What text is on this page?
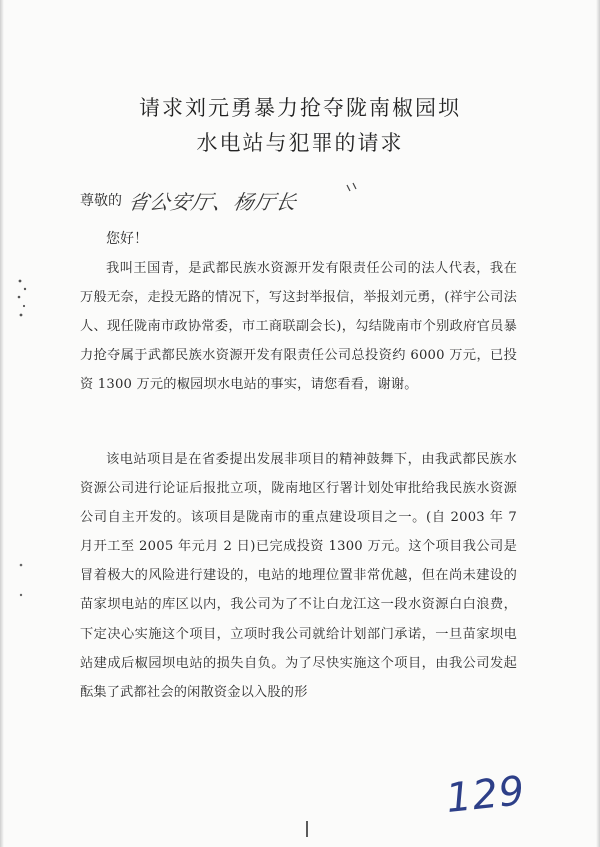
请求刘元勇暴力抢夺陇南椒园坝
水电站与犯罪的请求
尊敬的 省公安厅、杨厅长
您好！

我叫王国青，是武都民族水资源开发有限责任公司的法人代表，我在万般无奈，走投无路的情况下，写这封举报信，举报刘元勇，(祥宇公司法人、现任陇南市政协常委，市工商联副会长)，勾结陇南市个别政府官员暴力抢夺属于武都民族水资源开发有限责任公司总投资约 6000 万元，已投资 1300 万元的椒园坝水电站的事实，请您看看，谢谢。

该电站项目是在省委提出发展非项目的精神鼓舞下，由我武都民族水资源公司进行论证后报批立项，陇南地区行署计划处审批给我民族水资源公司自主开发的。该项目是陇南市的重点建设项目之一。(自 2003 年 7 月开工至 2005 年元月 2 日)已完成投资 1300 万元。这个项目我公司是冒着极大的风险进行建设的，电站的地理位置非常优越，但在尚未建设的苗家坝电站的库区以内，我公司为了不让白龙江这一段水资源白白浪费，下定决心实施这个项目，立项时我公司就给计划部门承诺，一旦苗家坝电站建成后椒园坝电站的损失自负。为了尽快实施这个项目，由我公司发起酝集了武都社会的闲散资金以入股的形

129
